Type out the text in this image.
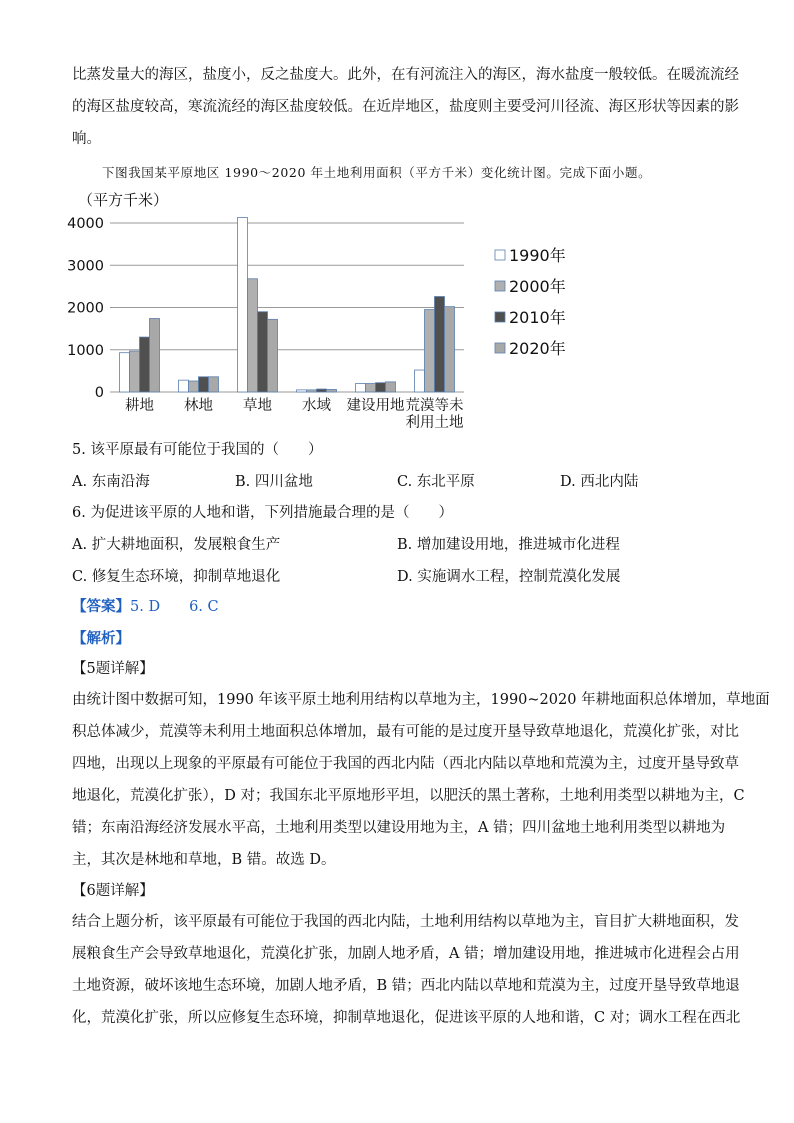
比蒸发量大的海区，盐度小，反之盐度大。此外，在有河流注入的海区，海水盐度一般较低。在暖流流经
的海区盐度较高，寒流流经的海区盐度较低。在近岸地区，盐度则主要受河川径流、海区形状等因素的影
响。
下图我国某平原地区 1990～2020 年土地利用面积（平方千米）变化统计图。完成下面小题。
（平方千米）
0
1000
2000
3000
4000
耕地 林地 草地 水域 建设用地 荒漠等未
利用土地
1990年
2000年
2010年
2020年
5. 该平原最有可能位于我国的（　　）
A. 东南沿海	B. 四川盆地	C. 东北平原	D. 西北内陆
6. 为促进该平原的人地和谐，下列措施最合理的是（　　）
A. 扩大耕地面积，发展粮食生产	B. 增加建设用地，推进城市化进程
C. 修复生态环境，抑制草地退化	D. 实施调水工程，控制荒漠化发展
【答案】5. D　　6. C
【解析】
【5题详解】
由统计图中数据可知，1990 年该平原土地利用结构以草地为主，1990~2020 年耕地面积总体增加，草地面
积总体减少，荒漠等未利用土地面积总体增加，最有可能的是过度开垦导致草地退化，荒漠化扩张，对比
四地，出现以上现象的平原最有可能位于我国的西北内陆（西北内陆以草地和荒漠为主，过度开垦导致草
地退化，荒漠化扩张），D 对；我国东北平原地形平坦，以肥沃的黑土著称，土地利用类型以耕地为主，C
错；东南沿海经济发展水平高，土地利用类型以建设用地为主，A 错；四川盆地土地利用类型以耕地为
主，其次是林地和草地，B 错。故选 D。
【6题详解】
结合上题分析，该平原最有可能位于我国的西北内陆，土地利用结构以草地为主，盲目扩大耕地面积，发
展粮食生产会导致草地退化，荒漠化扩张，加剧人地矛盾，A 错；增加建设用地，推进城市化进程会占用
土地资源，破坏该地生态环境，加剧人地矛盾，B 错；西北内陆以草地和荒漠为主，过度开垦导致草地退
化，荒漠化扩张，所以应修复生态环境，抑制草地退化，促进该平原的人地和谐，C 对；调水工程在西北
